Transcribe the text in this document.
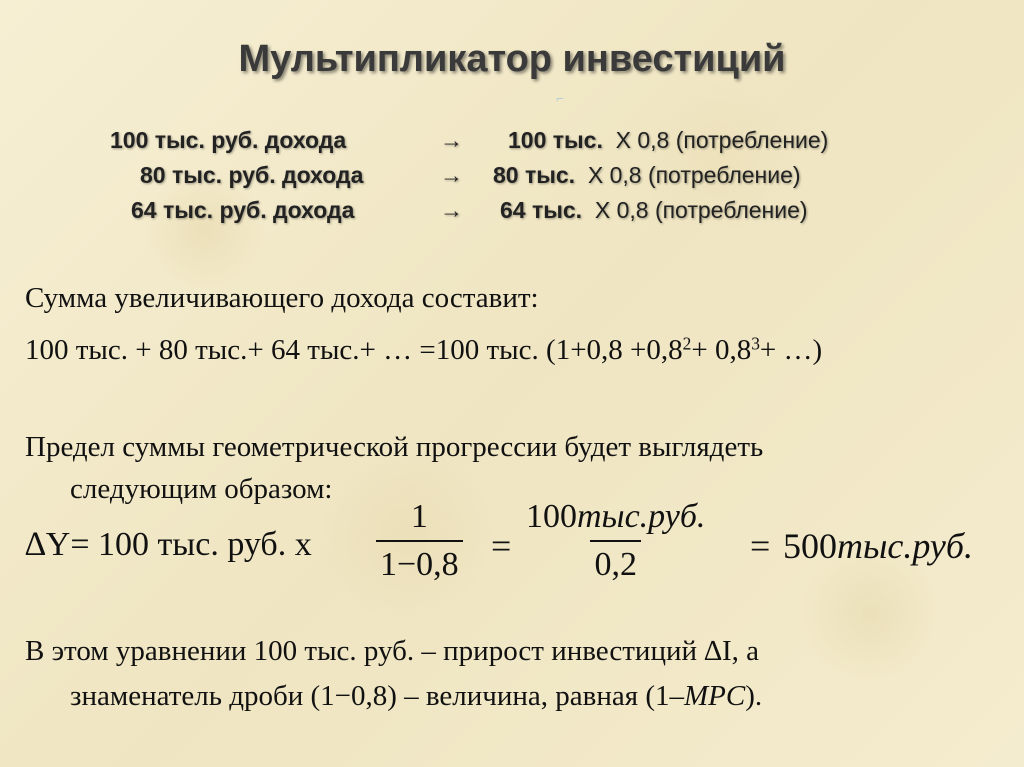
Мультипликатор инвестиций
⌐
100 тыс. руб. дохода	→ 100 тыс. Х 0,8 (потребление)
80 тыс. руб. дохода	→ 80 тыс. Х 0,8 (потребление)
64 тыс. руб. дохода	→ 64 тыс. Х 0,8 (потребление)
Сумма увеличивающего дохода составит:
100 тыс. + 80 тыс.+ 64 тыс.+ … =100 тыс. ($1+0,8 +0,8^2+ 0,8^3+$ …)
Предел суммы геометрической прогрессии будет выглядеть
следующим образом:
∆Y= 100 тыс. руб. х $\frac{1}{1-0,8}$ =
100тыс.руб.
0,2	= 500тыс.руб.
В этом уравнении 100 тыс. руб. – прирост инвестиций ∆I, а
знаменатель дроби (1−0,8) – величина, равная (1–MPC).
